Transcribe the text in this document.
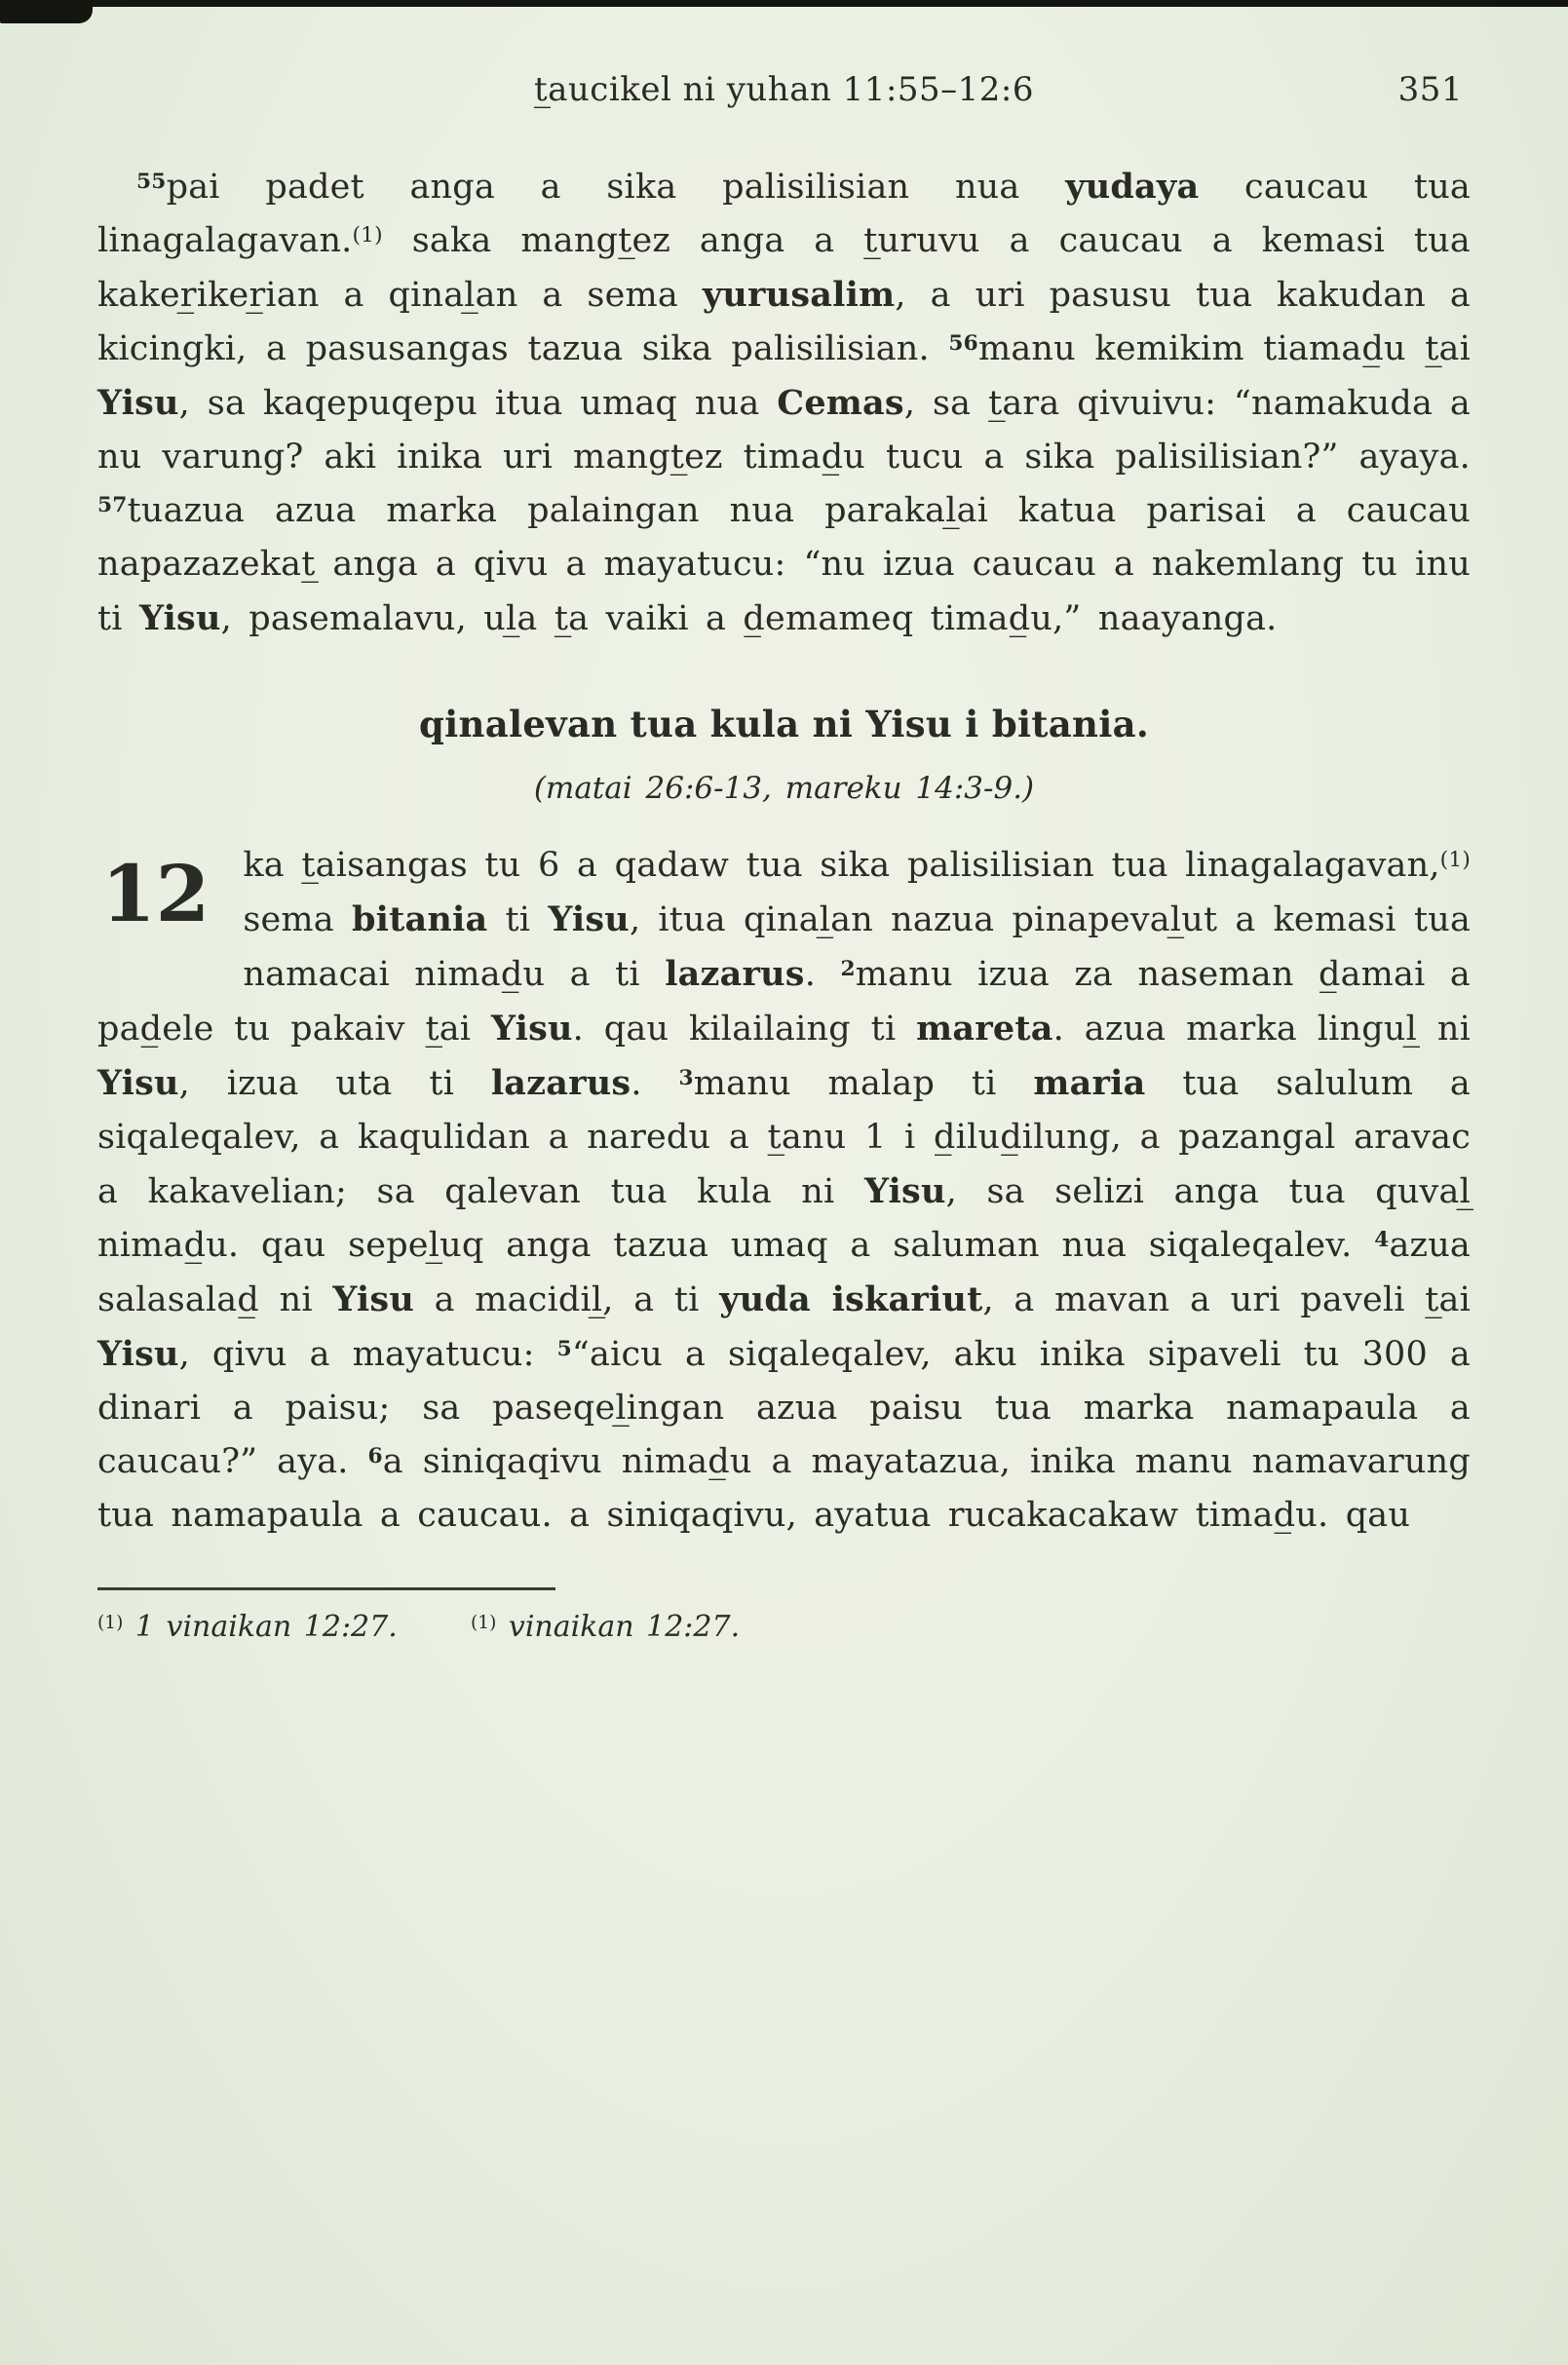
t̲aucikel ni yuhan 11:55–12:6	351

$^{55}$pai padet anga a sika palisilisian nua yudaya caucau tua linagalagavan.$^{(1)}$ saka mangt̲ez anga a t̲uruvu a caucau a kemasi tua kaker̲iker̲ian a qinal̲an a sema yurusalim, a uri pasusu tua kakudan a kicingki, a pasusangas tazua sika palisilisian. $^{56}$manu kemikim tiamad̲u t̲ai Yisu, sa kaqepuqepu itua umaq nua Cemas, sa t̲ara qivuivu: “namakuda a nu varung? aki inika uri mangt̲ez timad̲u tucu a sika palisilisian?” ayaya. $^{57}$tuazua azua marka palaingan nua parakal̲ai katua parisai a caucau napazazekat̲ anga a qivu a mayatucu: “nu izua caucau a nakemlang tu inu ti Yisu, pasemalavu, ul̲a t̲a vaiki a d̲emameq timad̲u,” naayanga.

qinalevan tua kula ni Yisu i bitania.

(matai 26:6-13, mareku 14:3-9.)

12 ka t̲aisangas tu 6 a qadaw tua sika palisilisian tua linagalagavan,$^{(1)}$ sema bitania ti Yisu, itua qinal̲an nazua pinapeval̲ut a kemasi tua namacai nimad̲u a ti lazarus. $^2$manu izua za naseman d̲amai a pad̲ele tu pakaiv t̲ai Yisu. qau kilailaing ti mareta. azua marka lingul̲ ni Yisu, izua uta ti lazarus. $^3$manu malap ti maria tua salulum a siqaleqalev, a kaqulidan a naredu a t̲anu 1 i d̲ilud̲ilung, a pazangal aravac a kakavelian; sa qalevan tua kula ni Yisu, sa selizi anga tua quval̲ nimad̲u. qau sepel̲uq anga tazua umaq a saluman nua siqaleqalev. $^4$azua salasalad̲ ni Yisu a macidil̲, a ti yuda iskariut, a mavan a uri paveli t̲ai Yisu, qivu a mayatucu: $^5$“aicu a siqaleqalev, aku inika sipaveli tu 300 a dinari a paisu; sa paseqel̲ingan azua paisu tua marka namapaula a caucau?” aya. $^6$a siniqaqivu nimad̲u a mayatazua, inika manu namavarung tua namapaula a caucau. a siniqaqivu, ayatua rucakacakaw timad̲u. qau

$^{(1)}$ 1 vinaikan 12:27.	$^{(1)}$ vinaikan 12:27.
